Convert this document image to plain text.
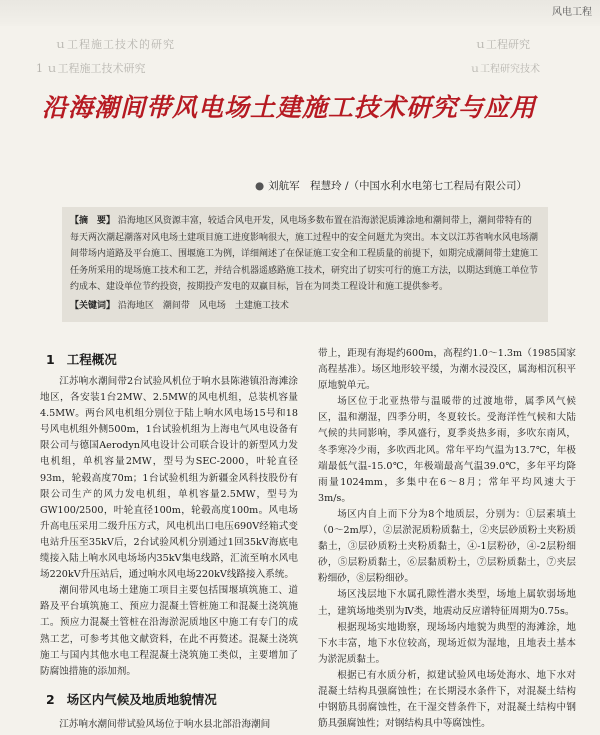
风电工程
ｕ工程施工技术的研究	ｕ工程研究
1 ｕ工程施工技术研究	ｕ工程研究技术
沿海潮间带风电场土建施工技术研究与应用
● 刘航军　程慧玲 /（中国水利水电第七工程局有限公司）
【摘　要】 沿海地区风资源丰富，较适合风电开发，风电场多数布置在沿海淤泥质滩涂地和潮间带上，潮间带特有的每天两次潮起潮落对风电场土建项目施工进度影响很大，施工过程中的安全问题尤为突出。本文以江苏省响水风电场潮间带场内道路及平台施工、围堰施工为例，详细阐述了在保证施工安全和工程质量的前提下，如期完成潮间带土建施工任务所采用的堤场施工技术和工艺，并结合机器遥感路施工技术，研究出了切实可行的施工方法，以期达到施工单位节约成本、建设单位节约投资，按期投产发电的双赢目标，旨在为同类工程设计和施工提供参考。
【关键词】 沿海地区　潮间带　风电场　土建施工技术
1 工程概况

江苏响水潮间带2台试验风机位于响水县陈港镇沿海滩涂地区，各安装1台2MW、2.5MW的风电机组，总装机容量4.5MW。两台风电机组分别位于陆上响水风电场15号和18号风电机组外侧500m，1台试验机组为上海电气风电设备有限公司与德国Aerodyn风电设计公司联合设计的新型风力发电机组，单机容量2MW，型号为SEC-2000，叶轮直径93m，轮毂高度70m；1台试验机组为新疆金风科技股份有限公司生产的风力发电机组，单机容量2.5MW，型号为GW100/2500，叶轮直径100m，轮毂高度100m。风电场升高电压采用二级升压方式，风电机出口电压690V经箱式变电站升压至35kV后，2台试验风机分别通过1回35kV海底电缆接入陆上响水风电场场内35kV集电线路，汇流至响水风电场220kV升压站后，通过响水风电场220kV线路接入系统。

潮间带风电场土建施工项目主要包括围堰填筑施工、道路及平台填筑施工、预应力混凝土管桩施工和混凝土浇筑施工。预应力混凝土管桩在沿海淤泥质地区中施工有专门的成熟工艺，可参考其他文献资料，在此不再赘述。混凝土浇筑施工与国内其他水电工程混凝土浇筑施工类似，主要增加了防腐蚀措施的添加剂。

2 场区内气候及地质地貌情况

江苏响水潮间带试验风场位于响水县北部沿海潮间

带上，距现有海堤约600m，高程约1.0～1.3m（1985国家高程基准）。场区地形较平缓，为潮水浸没区，属海相沉积平原地貌单元。

场区位于北亚热带与温暖带的过渡地带，属季风气候区，温和潮湿，四季分明，冬夏较长。受海洋性气候和大陆气候的共同影响，季风盛行，夏季炎热多雨，多吹东南风，冬季寒冷少雨，多吹西北风。常年平均气温为13.7℃，年极端最低气温-15.0℃，年极端最高气温39.0℃，多年平均降雨量1024mm，多集中在6～8月；常年平均风速大于3m/s。

场区内自上而下分为8个地质层，分别为：①层素填土（0～2m厚），②层淤泥质粉质黏土，②夹层砂质粉土夹粉质黏土，③层砂质粉土夹粉质黏土，④-1层粉砂，④-2层粉细砂，⑤层粉质黏土，⑥层黏质粉土，⑦层粉质黏土，⑦夹层粉细砂，⑧层粉细砂。

场区浅层地下水属孔隙性潜水类型，场地上属软弱场地土，建筑场地类别为Ⅳ类，地震动反应谱特征周期为0.75s。

根据现场实地勘察，现场场内地貌为典型的海滩涂，地下水丰富，地下水位较高，现场近似为湿地，且地表土基本为淤泥质黏土。

根据已有水质分析，拟建试验风电场处海水、地下水对混凝土结构具强腐蚀性；在长期浸水条件下，对混凝土结构中钢筋具弱腐蚀性，在干湿交替条件下，对混凝土结构中钢筋具强腐蚀性；对钢结构具中等腐蚀性。
